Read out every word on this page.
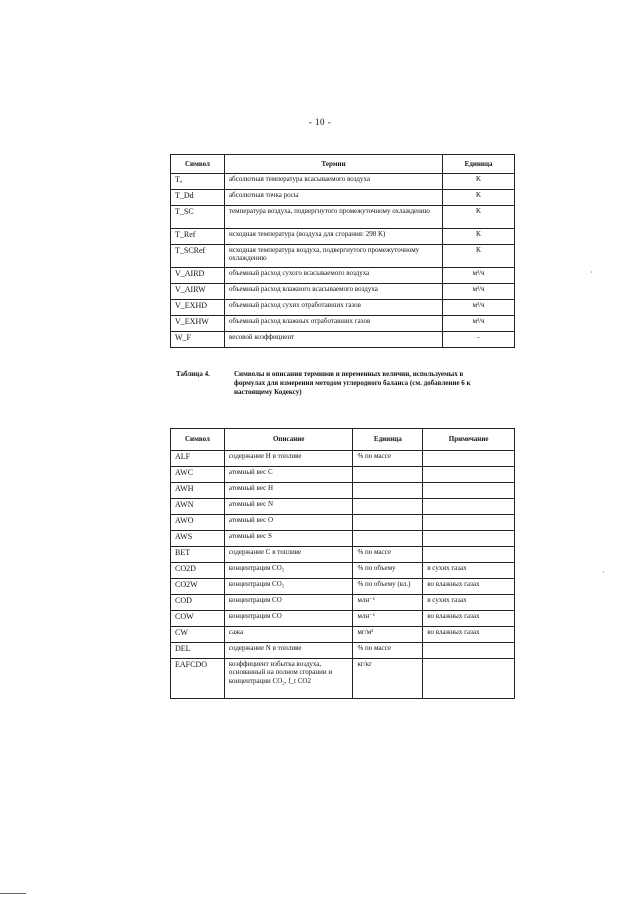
- 10 -
Символ	Термин	Единица
Tₐ	абсолютная температура всасываемого воздуха	K
T_Dd	абсолютная точка росы	K
T_SC	температура воздуха, подвергнутого промежуточному охлаждению	K
T_Ref	исходная температура (воздуха для сгорания: 298 K)	K
T_SCRef	исходная температура воздуха, подвергнутого промежуточному охлаждению	K
V_AIRD	объемный расход сухого всасываемого воздуха	м³/ч
V_AIRW	объемный расход влажного всасываемого воздуха	м³/ч
V_EXHD	объемный расход сухих отработавших газов	м³/ч
V_EXHW	объемный расход влажных отработавших газов	м³/ч
W_F	весовой коэффициент	-
Таблица 4.	Символы и описания терминов и переменных величин, используемых в формулах для измерения методом углеродного баланса (см. добавление 6 к настоящему Кодексу)
Символ	Описание	Единица	Примечание
ALF	содержание H в топливе	% по массе	
AWC	атомный вес C		
AWH	атомный вес H		
AWN	атомный вес N		
AWO	атомный вес O		
AWS	атомный вес S		
BET	содержание C в топливе	% по массе	
CO2D	концентрация CO₂	% по объему	в сухих газах
CO2W	концентрация CO₂	% по объему (вл.)	во влажных газах
COD	концентрация CO	млн⁻¹	в сухих газах
COW	концентрация CO	млн⁻¹	во влажных газах
CW	сажа	мг/м³	во влажных газах
DEL	содержание N в топливе	% по массе	
EAFCDO	коэффициент избытка воздуха, основанный на полном сгорании и концентрации CO₂, f_t CO2	кг/кг	
·
·
